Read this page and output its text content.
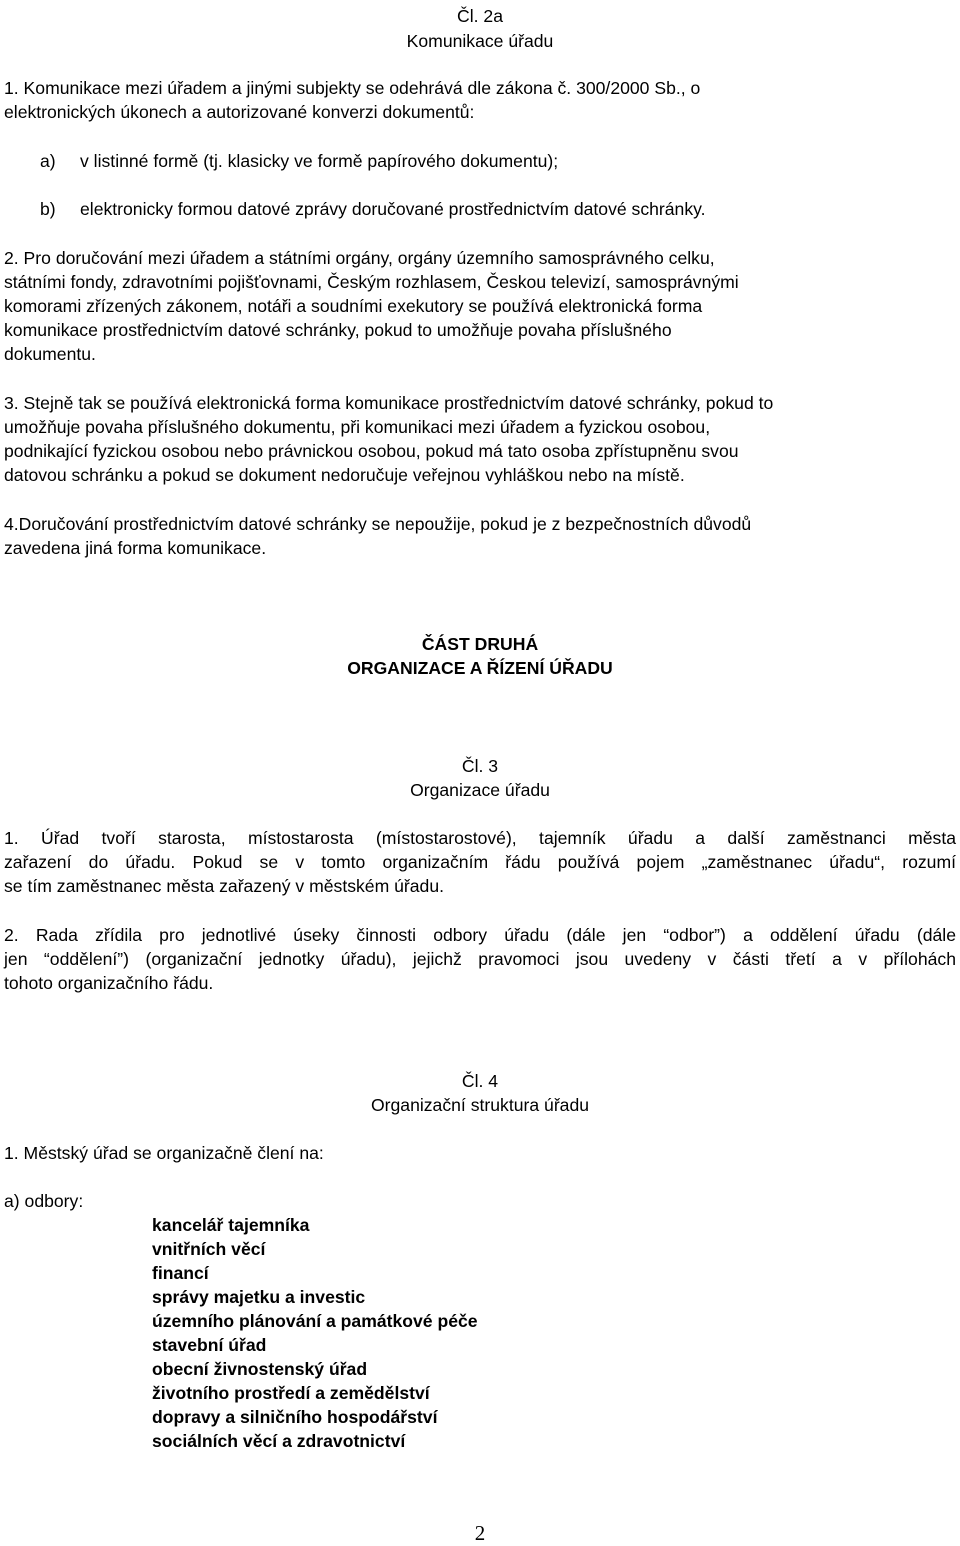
Čl. 2a
Komunikace úřadu
1. Komunikace mezi úřadem a jinými subjekty se odehrává dle zákona č. 300/2000 Sb., o
elektronických úkonech a autorizované konverzi dokumentů:
a) v listinné formě (tj. klasicky ve formě papírového dokumentu);
b) elektronicky formou datové zprávy doručované prostřednictvím datové schránky.
2. Pro doručování mezi úřadem a státními orgány, orgány územního samosprávného celku,
státními fondy, zdravotními pojišťovnami, Českým rozhlasem, Českou televizí, samosprávnými
komorami zřízených zákonem, notáři a soudními exekutory se používá elektronická forma
komunikace prostřednictvím datové schránky, pokud to umožňuje povaha příslušného
dokumentu.
3. Stejně tak se používá elektronická forma komunikace prostřednictvím datové schránky, pokud to
umožňuje povaha příslušného dokumentu, při komunikaci mezi úřadem a fyzickou osobou,
podnikající fyzickou osobou nebo právnickou osobou, pokud má tato osoba zpřístupněnu svou
datovou schránku a pokud se dokument nedoručuje veřejnou vyhláškou nebo na místě.
4.Doručování prostřednictvím datové schránky se nepoužije, pokud je z bezpečnostních důvodů
zavedena jiná forma komunikace.
ČÁST DRUHÁ
ORGANIZACE A ŘÍZENÍ ÚŘADU
Čl. 3
Organizace úřadu
1. Úřad tvoří starosta, místostarosta (místostarostové), tajemník úřadu a další zaměstnanci města
zařazení do úřadu. Pokud se v tomto organizačním řádu používá pojem „zaměstnanec úřadu“, rozumí
se tím zaměstnanec města zařazený v městském úřadu.
2. Rada zřídila pro jednotlivé úseky činnosti odbory úřadu (dále jen “odbor”) a oddělení úřadu (dále
jen “oddělení”) (organizační jednotky úřadu), jejichž pravomoci jsou uvedeny v části třetí a v přílohách
tohoto organizačního řádu.
Čl. 4
Organizační struktura úřadu
1. Městský úřad se organizačně člení na:
a) odbory:
kancelář tajemníka
vnitřních věcí
financí
správy majetku a investic
územního plánování a památkové péče
stavební úřad
obecní živnostenský úřad
životního prostředí a zemědělství
dopravy a silničního hospodářství
sociálních věcí a zdravotnictví
2
